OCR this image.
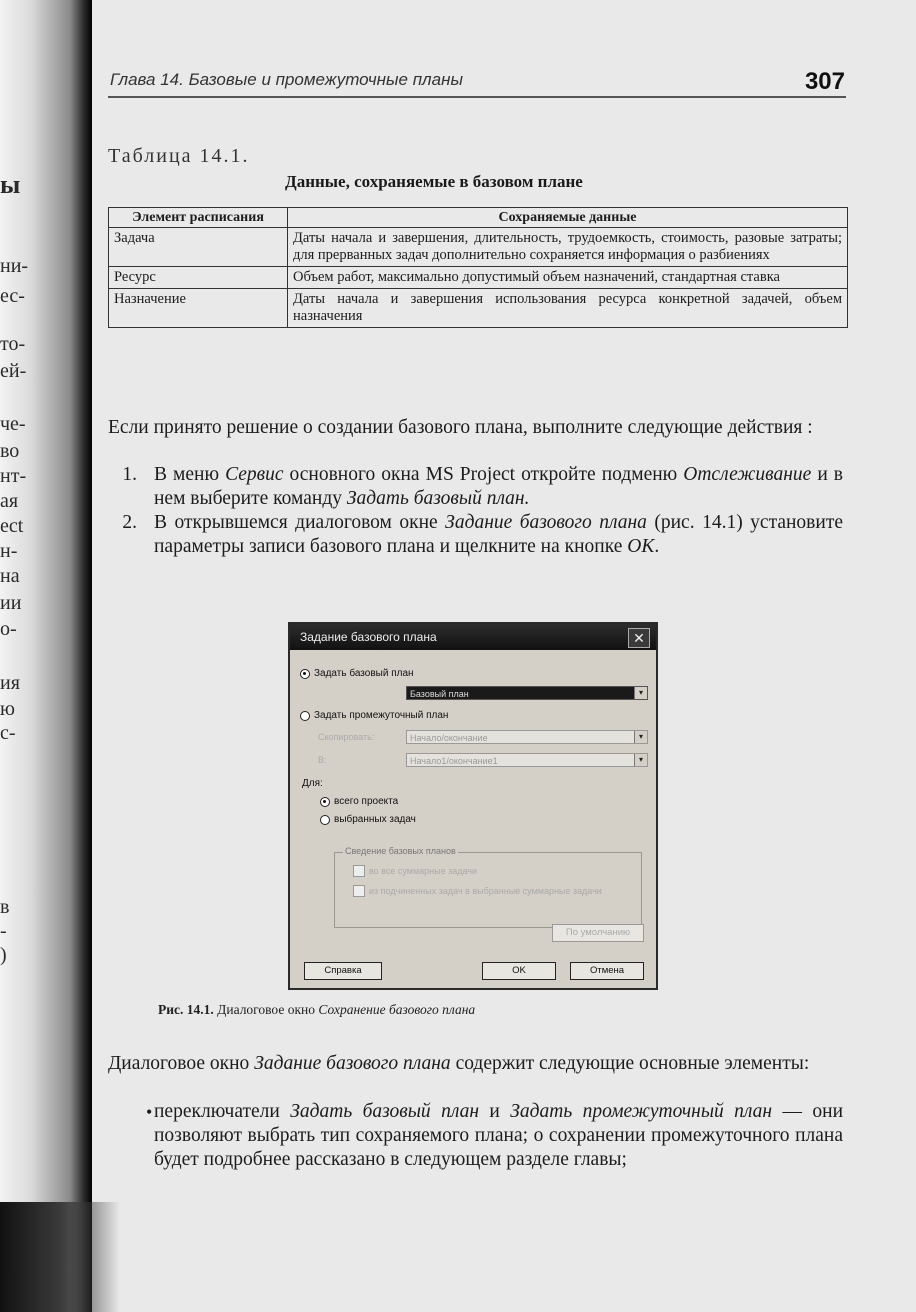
ы
ни-
ес-
то-
ей-
че-
во
нт-
ая
ect
н-
на
ии
о-
ия
ю
с-
в
-
)
Глава 14. Базовые и промежуточные планы	307
Таблица 14.1.
Данные, сохраняемые в базовом плане
Элемент расписания	Сохраняемые данные
Задача	Даты начала и завершения, длительность, трудоемкость, стоимость, разовые затраты; для прерванных задач дополнительно сохраняется информация о разбиениях
Ресурс	Объем работ, максимально допустимый объем назначений, стандартная ставка
Назначение	Даты начала и завершения использования ресурса конкретной задачей, объем назначения
Если принято решение о создании базового плана, выполните следующие действия :
1. В меню Сервис основного окна MS Project откройте подменю Отслеживание и в нем выберите команду Задать базовый план.
2. В открывшемся диалоговом окне Задание базового плана (рис. 14.1) установите параметры записи базового плана и щелкните на кнопке OK.
Задание базового плана	✕
Задать базовый план
Базовый план	▾
Задать промежуточный план
Скопировать:	Начало/окончание	▾
В:	Начало1/окончание1	▾
Для:
всего проекта
выбранных задач
Сведение базовых планов
во все суммарные задачи
из подчиненных задач в выбранные суммарные задачи
По умолчанию
Справка	OK	Отмена
Рис. 14.1. Диалоговое окно Сохранение базового плана
Диалоговое окно Задание базового плана содержит следующие основные элементы:
• переключатели Задать базовый план и Задать промежуточный план — они позволяют выбрать тип сохраняемого плана; о сохранении промежуточного плана будет подробнее рассказано в следующем разделе главы;
